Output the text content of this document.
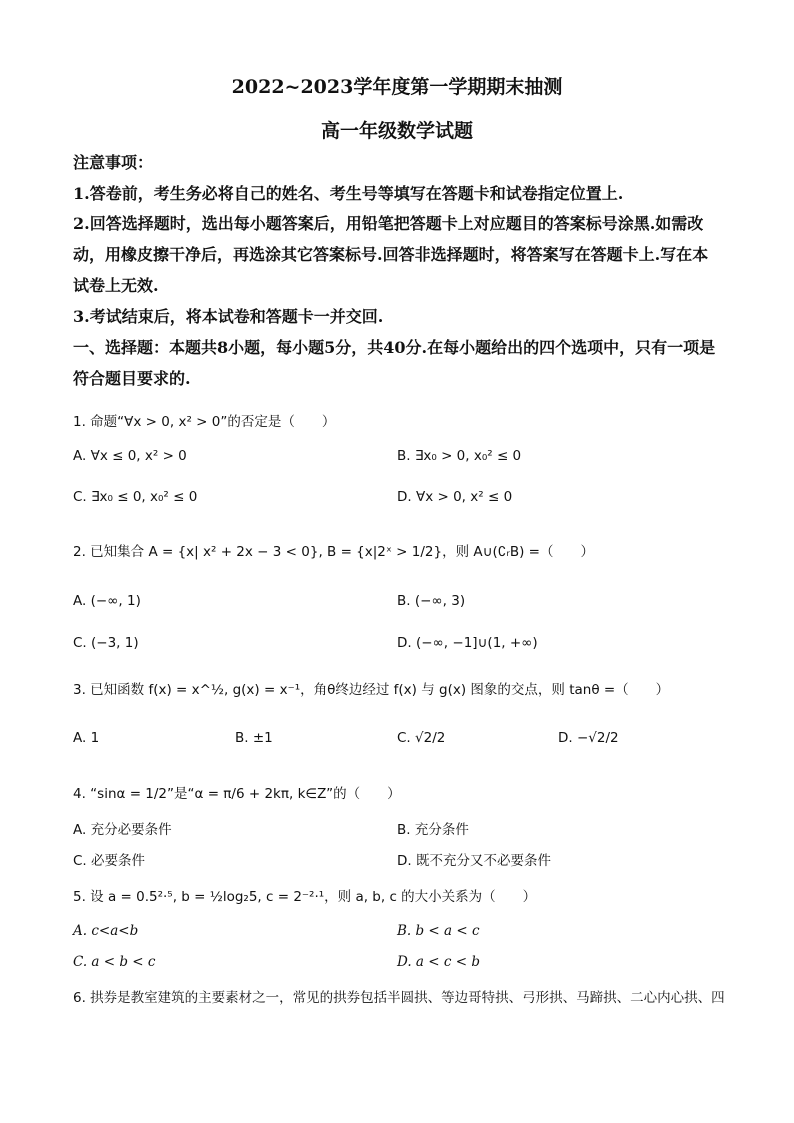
2022~2023学年度第一学期期末抽测
高一年级数学试题
注意事项：
1.答卷前，考生务必将自己的姓名、考生号等填写在答题卡和试卷指定位置上.
2.回答选择题时，选出每小题答案后，用铅笔把答题卡上对应题目的答案标号涂黑.如需改
动，用橡皮擦干净后，再选涂其它答案标号.回答非选择题时，将答案写在答题卡上.写在本
试卷上无效.
3.考试结束后，将本试卷和答题卡一并交回.
一、选择题：本题共8小题，每小题5分，共40分.在每小题给出的四个选项中，只有一项是
符合题目要求的.
1. 命题“∀x > 0, x² > 0”的否定是（　　）
A. ∀x ≤ 0, x² > 0	B. ∃x₀ > 0, x₀² ≤ 0
C. ∃x₀ ≤ 0, x₀² ≤ 0	D. ∀x > 0, x² ≤ 0
2. 已知集合 A = {x| x² + 2x − 3 < 0}, B = {x|2ˣ > 1/2}，则 A∪(∁ᵣB) =（　　）
A. (−∞, 1)	B. (−∞, 3)
C. (−3, 1)	D. (−∞, −1]∪(1, +∞)
3. 已知函数 f(x) = x^½, g(x) = x⁻¹，角θ终边经过 f(x) 与 g(x) 图象的交点，则 tanθ =（　　）
A. 1	B. ±1	C. √2/2	D. −√2/2
4. “sinα = 1/2”是“α = π/6 + 2kπ, k∈Z”的（　　）
A. 充分必要条件	B. 充分条件
C. 必要条件	D. 既不充分又不必要条件
5. 设 a = 0.5²·⁵, b = ½log₂5, c = 2⁻²·¹，则 a, b, c 的大小关系为（　　）
A. c<a<b	B. b < a < c
C. a < b < c	D. a < c < b
6. 拱券是教室建筑的主要素材之一，常见的拱券包括半圆拱、等边哥特拱、弓形拱、马蹄拱、二心内心拱、四
